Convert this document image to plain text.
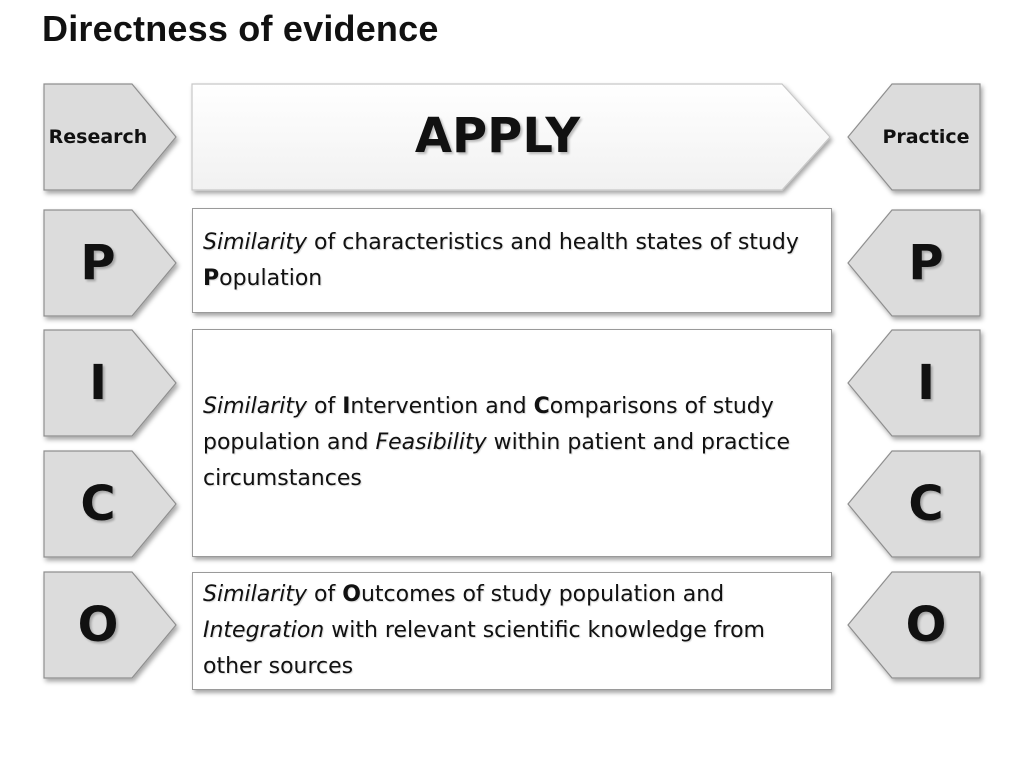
Directness of evidence
Research
P
I
C
O
Practice
P
I
C
O
APPLY

Similarity of characteristics and health states of study Population

Similarity of Intervention and Comparisons of study population and Feasibility within patient and practice circumstances

Similarity of Outcomes of study population and Integration with relevant scientific knowledge from other sources
